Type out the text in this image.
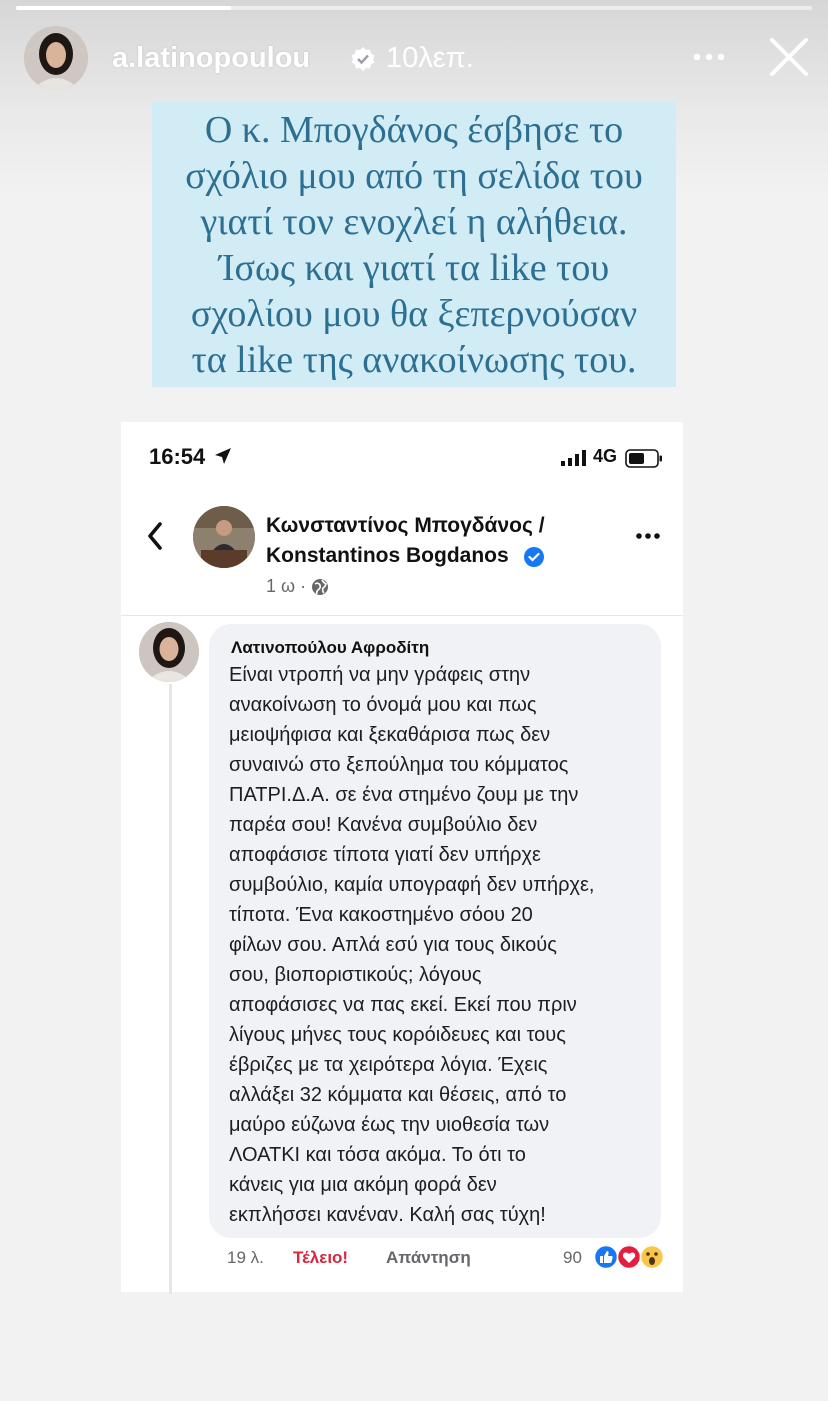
a.latinopoulou	10λεπ.
Ο κ. Μπογδάνος έσβησε το
σχόλιο μου από τη σελίδα του
γιατί τον ενοχλεί η αλήθεια.
Ίσως και γιατί τα like του
σχολίου μου θα ξεπερνούσαν
τα like της ανακοίνωσης του.
16:54	4G
Κωνσταντίνος Μπογδάνος /
Konstantinos Bogdanos
1 ω ·
Λατινοπούλου Αφροδίτη
Είναι ντροπή να μην γράφεις στην
ανακοίνωση το όνομά μου και πως
μειοψήφισα και ξεκαθάρισα πως δεν
συναινώ στο ξεπούλημα του κόμματος
ΠΑΤΡΙ.Δ.Α. σε ένα στημένο ζουμ με την
παρέα σου! Κανένα συμβούλιο δεν
αποφάσισε τίποτα γιατί δεν υπήρχε
συμβούλιο, καμία υπογραφή δεν υπήρχε,
τίποτα. Ένα κακοστημένο σόου 20
φίλων σου. Απλά εσύ για τους δικούς
σου, βιοποριστικούς; λόγους
αποφάσισες να πας εκεί. Εκεί που πριν
λίγους μήνες τους κορόιδευες και τους
έβριζες με τα χειρότερα λόγια. Έχεις
αλλάξει 32 κόμματα και θέσεις, από το
μαύρο εύζωνα έως την υιοθεσία των
ΛΟΑΤΚΙ και τόσα ακόμα. Το ότι το
κάνεις για μια ακόμη φορά δεν
εκπλήσσει κανέναν. Καλή σας τύχη!
19 λ. Τέλειο! Απάντηση	90
